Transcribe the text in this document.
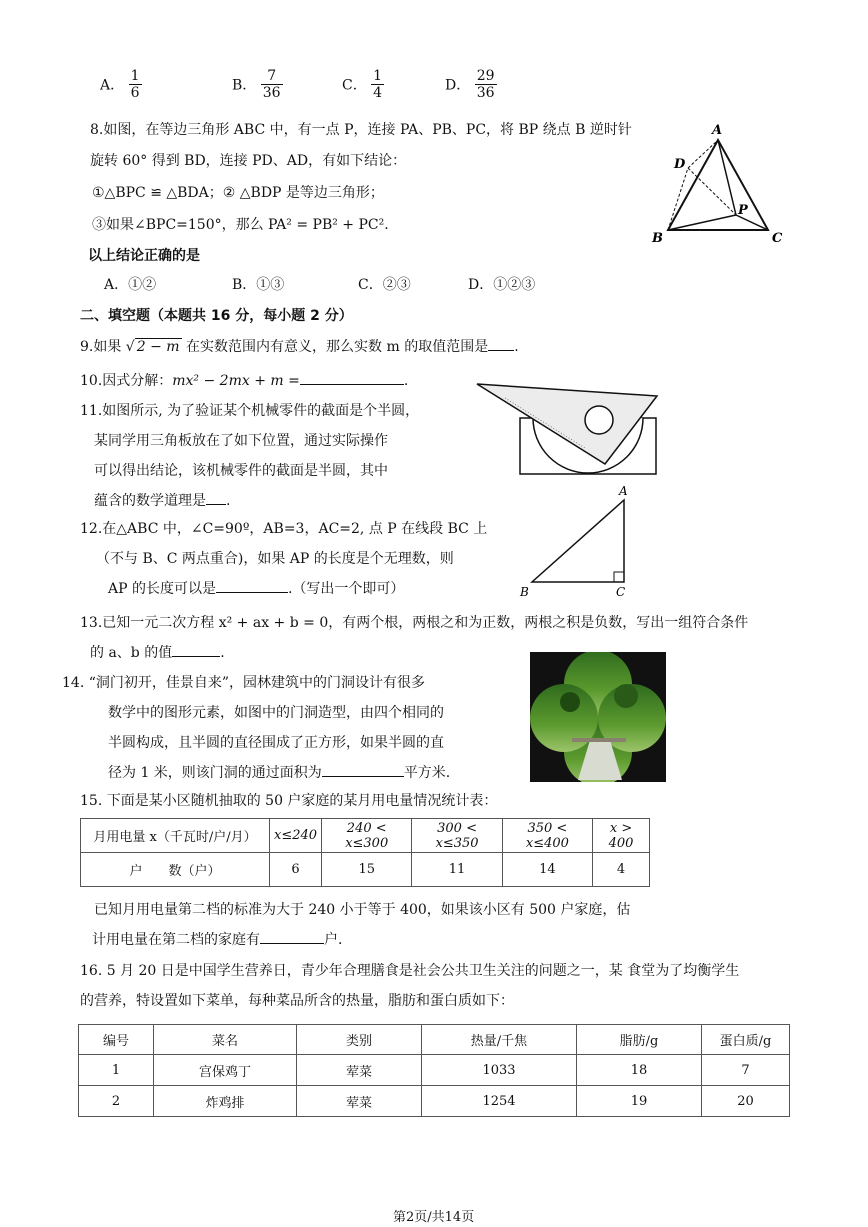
A． $\frac{1}{6}$	B． $\frac{7}{36}$	C． $\frac{1}{4}$	D． $\frac{29}{36}$
8.如图，在等边三角形 ABC 中，有一点 P，连接 PA、PB、PC，将 BP 绕点 B 逆时针
旋转 60° 得到 BD，连接 PD、AD，有如下结论：
①△BPC ≌ △BDA；② △BDP 是等边三角形；
③如果∠BPC=150°，那么 PA² = PB² + PC².
以上结论正确的是
A．①②	B．①③	C．②③	D．①②③
A
D
P
B	C
二、填空题（本题共 16 分，每小题 2 分）
9.如果 √ 2 − m 在实数范围内有意义，那么实数 m 的取值范围是 .
10.因式分解：mx² − 2mx + m =	.
11.如图所示, 为了验证某个机械零件的截面是个半圆，
某同学用三角板放在了如下位置，通过实际操作
可以得出结论，该机械零件的截面是半圆，其中
蕴含的数学道理是 .
12.在△ABC 中，∠C=90º，AB=3，AC=2, 点 P 在线段 BC 上
（不与 B、C 两点重合)，如果 AP 的长度是个无理数，则
AP 的长度可以是	.（写出一个即可）
A
B	C
13.已知一元二次方程 x² + ax + b = 0，有两个根，两根之和为正数，两根之积是负数，写出一组符合条件
的 a、b 的值	.
14. “洞门初开，佳景自来”，园林建筑中的门洞设计有很多
数学中的图形元素，如图中的门洞造型，由四个相同的
半圆构成，且半圆的直径围成了正方形，如果半圆的直
径为 1 米，则该门洞的通过面积为	平方米.
15. 下面是某小区随机抽取的 50 户家庭的某月用电量情况统计表：
月用电量 x（千瓦时/户/月）	x≤240	240 < x≤300	300 < x≤350	350 < x≤400	x > 400
户　　数（户）	6	15	11	14	4
已知月用电量第二档的标准为大于 240 小于等于 400，如果该小区有 500 户家庭，估
计用电量在第二档的家庭有	户.
16. 5 月 20 日是中国学生营养日，青少年合理膳食是社会公共卫生关注的问题之一，某 食堂为了均衡学生
的营养，特设置如下菜单，每种菜品所含的热量，脂肪和蛋白质如下：
编号	菜名	类别	热量/千焦	脂肪/g	蛋白质/g
1	宫保鸡丁	荤菜	1033	18	7
2	炸鸡排	荤菜	1254	19	20
第2页/共14页
